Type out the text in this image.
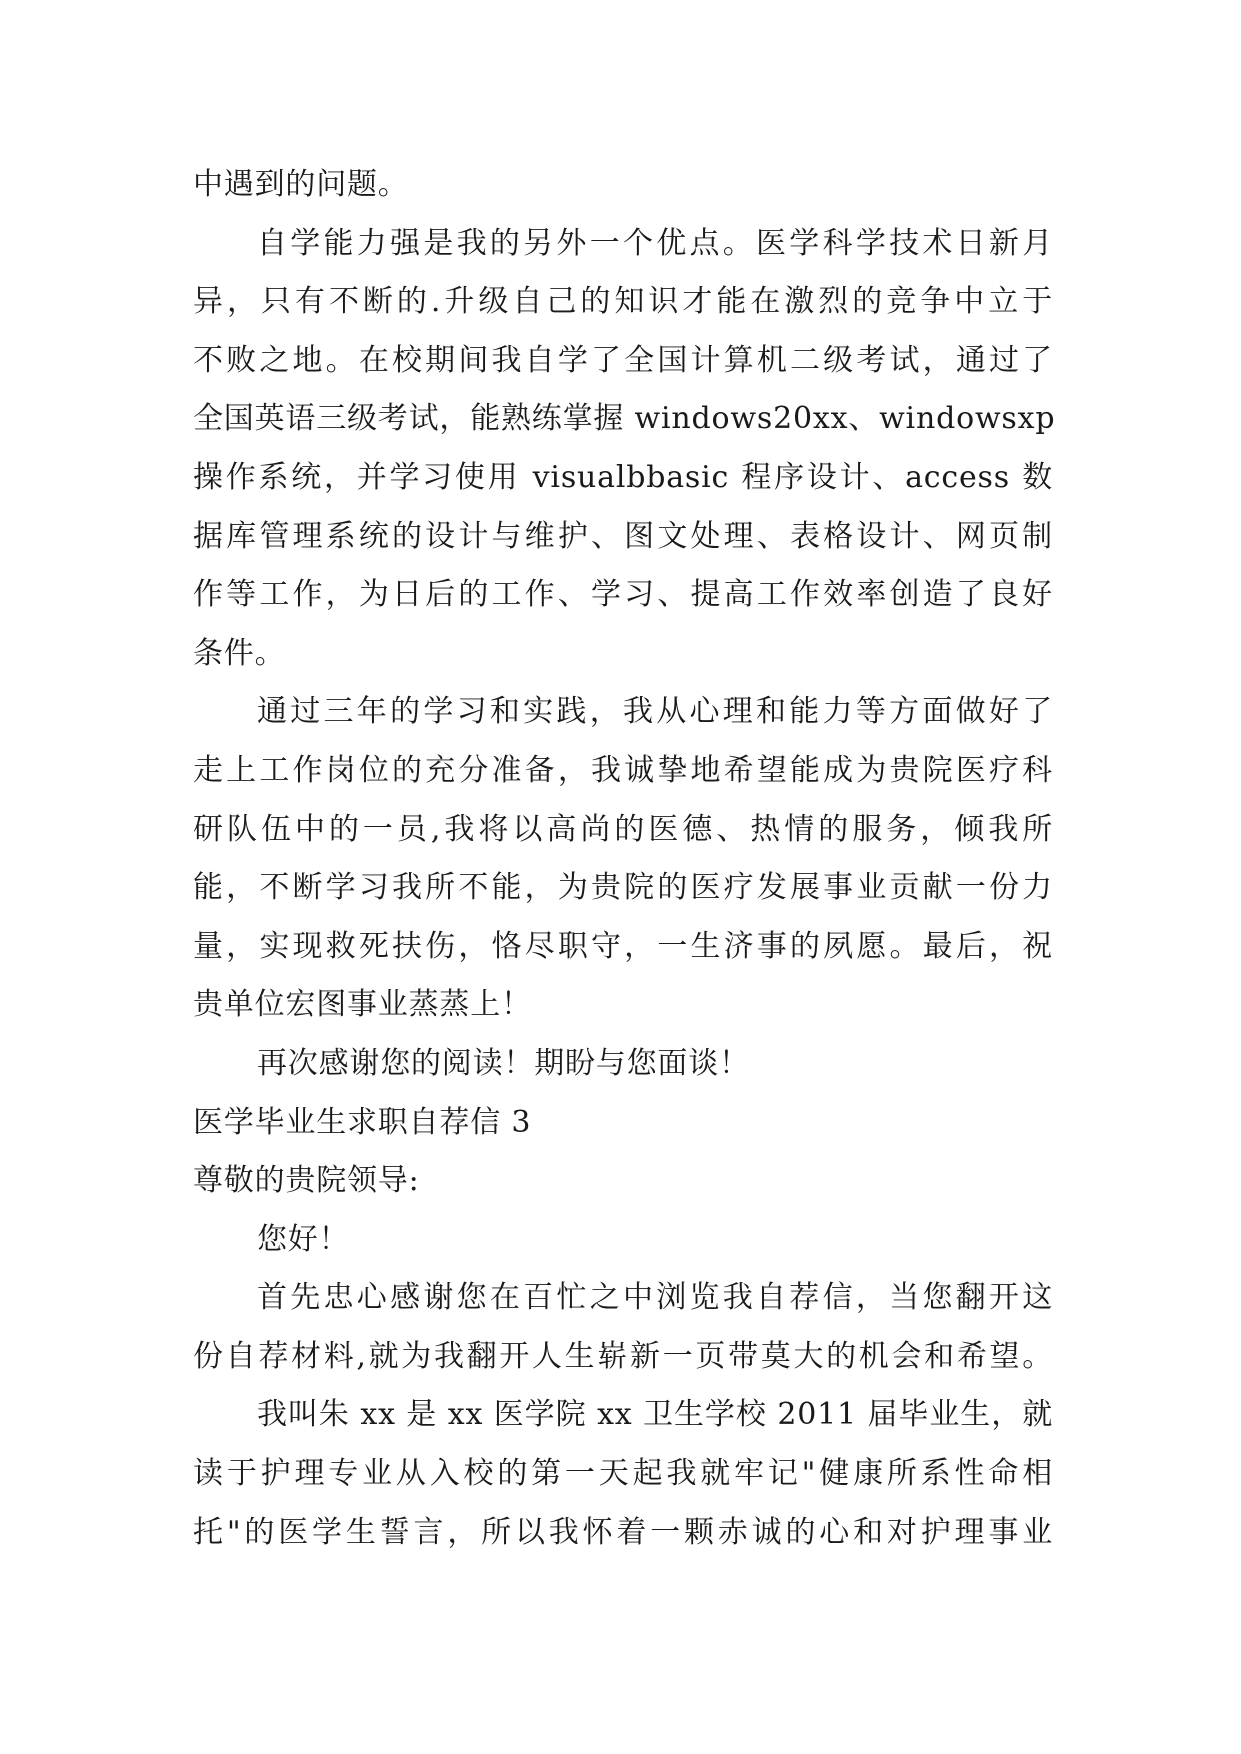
中遇到的问题。
自学能力强是我的另外一个优点。医学科学技术日新月
异，只有不断的.升级自己的知识才能在激烈的竞争中立于
不败之地。在校期间我自学了全国计算机二级考试，通过了
全国英语三级考试，能熟练掌握 windows20xx、windowsxp
操作系统，并学习使用 visualbbasic 程序设计、access 数
据库管理系统的设计与维护、图文处理、表格设计、网页制
作等工作，为日后的工作、学习、提高工作效率创造了良好
条件。
通过三年的学习和实践，我从心理和能力等方面做好了
走上工作岗位的充分准备，我诚挚地希望能成为贵院医疗科
研队伍中的一员,我将以高尚的医德、热情的服务，倾我所
能，不断学习我所不能，为贵院的医疗发展事业贡献一份力
量，实现救死扶伤，恪尽职守，一生济事的夙愿。最后，祝
贵单位宏图事业蒸蒸上！
再次感谢您的阅读！期盼与您面谈！
医学毕业生求职自荐信 3
尊敬的贵院领导:
您好！
首先忠心感谢您在百忙之中浏览我自荐信，当您翻开这
份自荐材料,就为我翻开人生崭新一页带莫大的机会和希望。
我叫朱 xx 是 xx 医学院 xx 卫生学校 2011 届毕业生，就
读于护理专业从入校的第一天起我就牢记"健康所系性命相
托"的医学生誓言，所以我怀着一颗赤诚的心和对护理事业
